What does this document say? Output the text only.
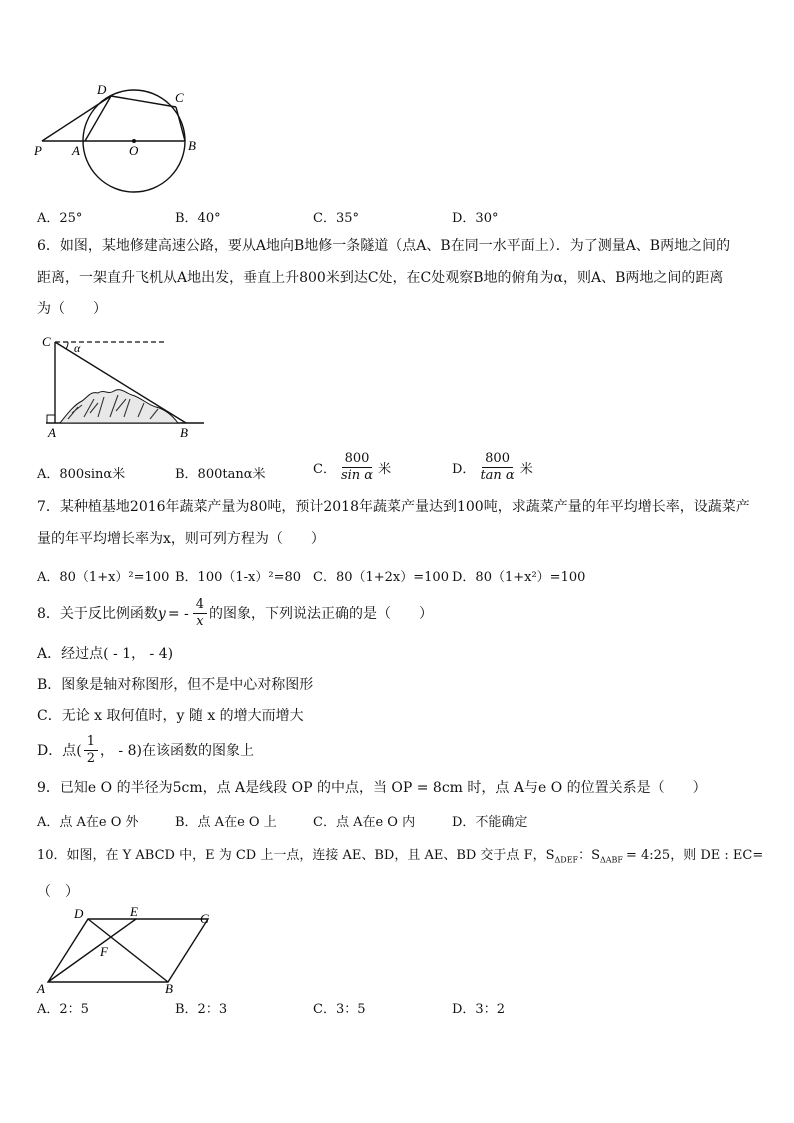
P A	O	B
C
D
A．25°	B．40°	C．35°	D．30°
6．如图，某地修建高速公路，要从A地向B地修一条隧道（点A、B在同一水平面上）．为了测量A、B两地之间的
距离，一架直升飞机从A地出发，垂直上升800米到达C处，在C处观察B地的俯角为α，则A、B两地之间的距离
为（　　）
C α
A	B
A．800sinα米	B．800tanα米	C． $\frac{800}{\text{sin α}}$ 米	D． $\frac{800}{\text{tan α}}$ 米
7．某种植基地2016年蔬菜产量为80吨，预计2018年蔬菜产量达到100吨，求蔬菜产量的年平均增长率，设蔬菜产
量的年平均增长率为x，则可列方程为（　　）
A．80（1+x）²=100 B．100（1-x）²=80 C．80（1+2x）=100 D．80（1+x²）=100
8．关于反比例函数 y = - $\frac{4}{x}$ 的图象，下列说法正确的是（　　）
A．经过点( - 1， - 4)
B．图象是轴对称图形，但不是中心对称图形
C．无论 x 取何值时，y 随 x 的增大而增大
D．点( $\frac{1}{2}$ ， - 8)在该函数的图象上
9．已知e O 的半径为5cm，点 A是线段 OP 的中点，当 OP = 8cm 时，点 A与e O 的位置关系是（　　）
A．点 A在e O 外	B．点 A在e O 上	C．点 A在e O 内	D．不能确定
10．如图，在 Y ABCD 中，E 为 CD 上一点，连接 AE、BD，且 AE、BD 交于点 F，$S_{\Delta DEF}$：$S_{\Delta ABF}$ = 4:25，则 DE : EC=
（　）
D	E	C
F
A	B
A．2：5	B．2：3	C．3：5	D．3：2
